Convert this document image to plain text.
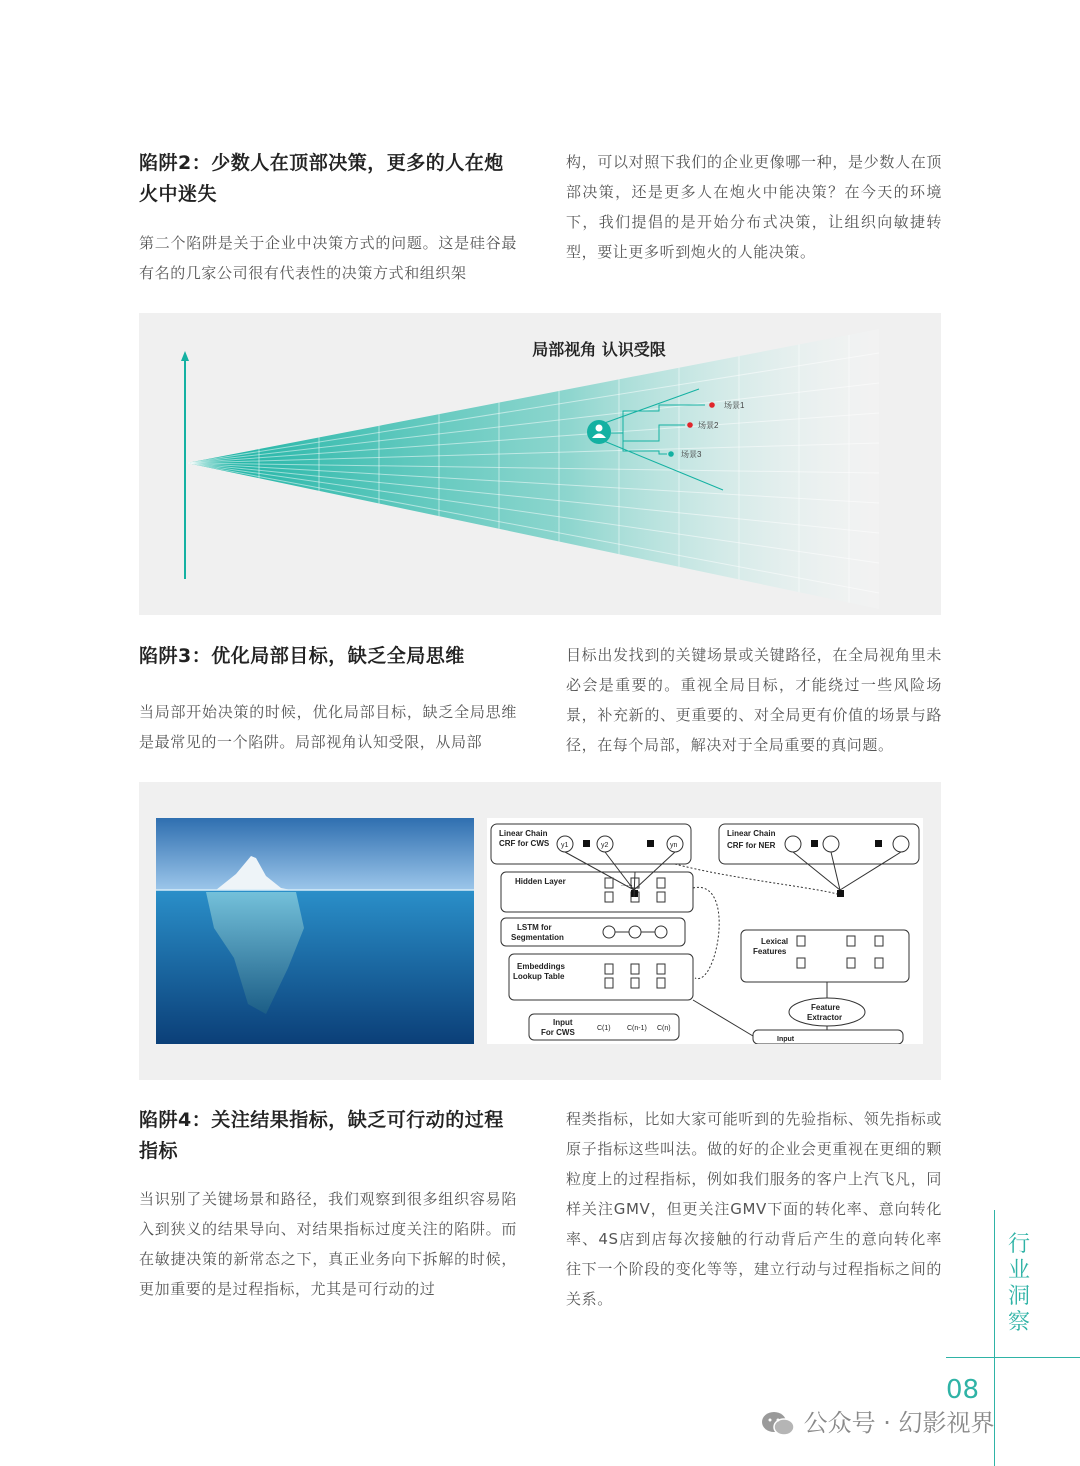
陷阱2：少数人在顶部决策，更多的人在炮火中迷失
第二个陷阱是关于企业中决策方式的问题。这是硅谷最有名的几家公司很有代表性的决策方式和组织架
构，可以对照下我们的企业更像哪一种，是少数人在顶部决策，还是更多人在炮火中能决策？在今天的环境下，我们提倡的是开始分布式决策，让组织向敏捷转型，要让更多听到炮火的人能决策。
场景1
场景2
场景3
局部视角 认识受限
陷阱3：优化局部目标，缺乏全局思维
当局部开始决策的时候，优化局部目标，缺乏全局思维是最常见的一个陷阱。局部视角认知受限，从局部
目标出发找到的关键场景或关键路径，在全局视角里未必会是重要的。重视全局目标，才能绕过一些风险场景，补充新的、更重要的、对全局更有价值的场景与路径，在每个局部，解决对于全局重要的真问题。
Linear Chain
CRF for CWS
Linear Chain
CRF for NER
Hidden Layer
LSTM for
Segmentation
Embeddings
Lookup Table
Input
For CWS
Lexical
Features
Feature
Extractor
Input
y1	y2	yn
C(1) C(n-1) C(n)
......
陷阱4：关注结果指标，缺乏可行动的过程指标
当识别了关键场景和路径，我们观察到很多组织容易陷入到狭义的结果导向、对结果指标过度关注的陷阱。而在敏捷决策的新常态之下，真正业务向下拆解的时候，更加重要的是过程指标，尤其是可行动的过
程类指标，比如大家可能听到的先验指标、领先指标或原子指标这些叫法。做的好的企业会更重视在更细的颗粒度上的过程指标，例如我们服务的客户上汽飞凡，同样关注GMV，但更关注GMV下面的转化率、意向转化率、4S店到店每次接触的行动背后产生的意向转化率往下一个阶段的变化等等，建立行动与过程指标之间的关系。
行业洞察
08
公众号 · 幻影视界
